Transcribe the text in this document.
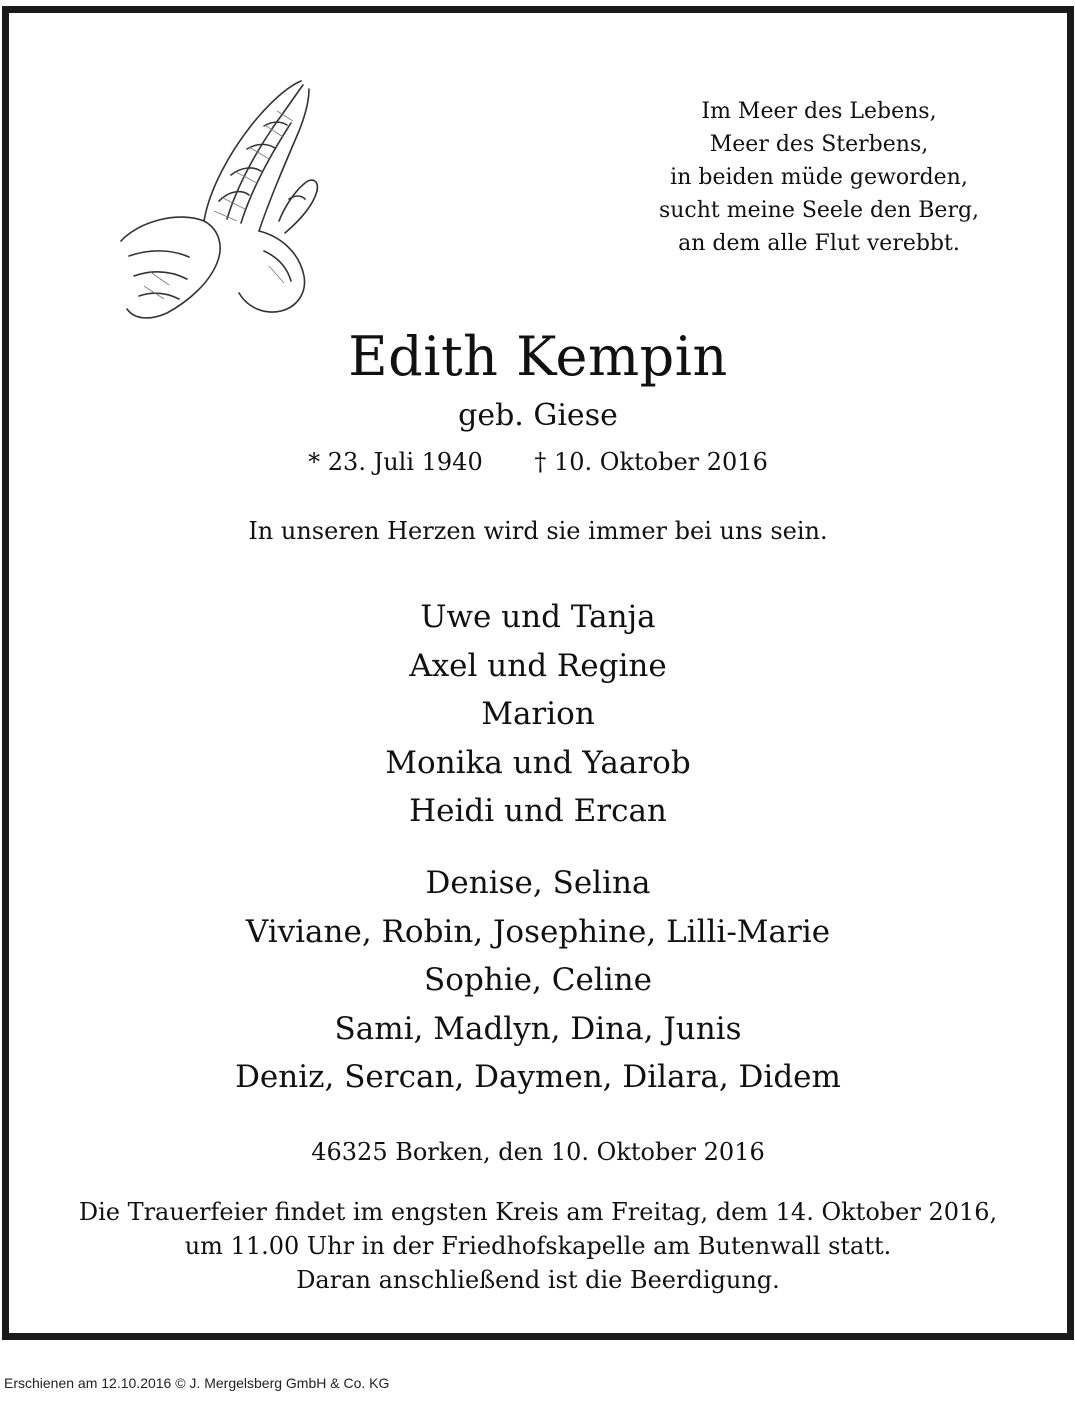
Im Meer des Lebens,
Meer des Sterbens,
in beiden müde geworden,
sucht meine Seele den Berg,
an dem alle Flut verebbt.
Edith Kempin
geb. Giese
* 23. Juli 1940 † 10. Oktober 2016
In unseren Herzen wird sie immer bei uns sein.
Uwe und Tanja
Axel und Regine
Marion
Monika und Yaarob
Heidi und Ercan
Denise, Selina
Viviane, Robin, Josephine, Lilli-Marie
Sophie, Celine
Sami, Madlyn, Dina, Junis
Deniz, Sercan, Daymen, Dilara, Didem
46325 Borken, den 10. Oktober 2016
Die Trauerfeier findet im engsten Kreis am Freitag, dem 14. Oktober 2016,
um 11.00 Uhr in der Friedhofskapelle am Butenwall statt.
Daran anschließend ist die Beerdigung.
Erschienen am 12.10.2016 © J. Mergelsberg GmbH & Co. KG
